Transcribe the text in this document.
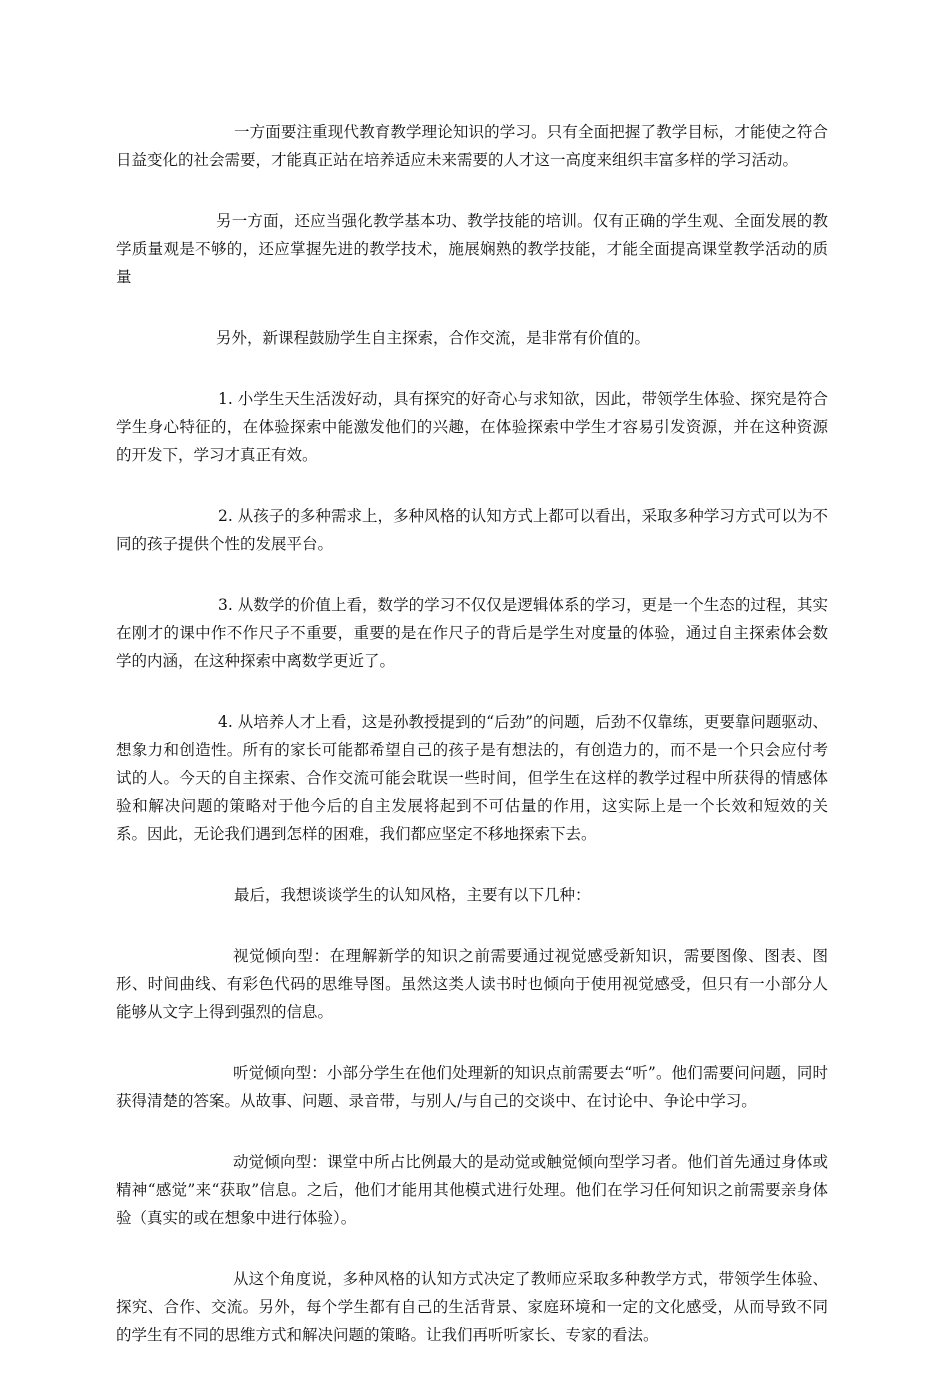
一方面要注重现代教育教学理论知识的学习。只有全面把握了教学目标，才能使之符合日益变化的社会需要，才能真正站在培养适应未来需要的人才这一高度来组织丰富多样的学习活动。

另一方面，还应当强化教学基本功、教学技能的培训。仅有正确的学生观、全面发展的教学质量观是不够的，还应掌握先进的教学技术，施展娴熟的教学技能，才能全面提高课堂教学活动的质量

另外，新课程鼓励学生自主探索，合作交流，是非常有价值的。

1. 小学生天生活泼好动，具有探究的好奇心与求知欲，因此，带领学生体验、探究是符合学生身心特征的，在体验探索中能激发他们的兴趣，在体验探索中学生才容易引发资源，并在这种资源的开发下，学习才真正有效。

2. 从孩子的多种需求上，多种风格的认知方式上都可以看出，采取多种学习方式可以为不同的孩子提供个性的发展平台。

3. 从数学的价值上看，数学的学习不仅仅是逻辑体系的学习，更是一个生态的过程，其实在刚才的课中作不作尺子不重要，重要的是在作尺子的背后是学生对度量的体验，通过自主探索体会数学的内涵，在这种探索中离数学更近了。

4. 从培养人才上看，这是孙教授提到的“后劲”的问题，后劲不仅靠练，更要靠问题驱动、想象力和创造性。所有的家长可能都希望自己的孩子是有想法的，有创造力的，而不是一个只会应付考试的人。今天的自主探索、合作交流可能会耽误一些时间，但学生在这样的教学过程中所获得的情感体验和解决问题的策略对于他今后的自主发展将起到不可估量的作用，这实际上是一个长效和短效的关系。因此，无论我们遇到怎样的困难，我们都应坚定不移地探索下去。

最后，我想谈谈学生的认知风格，主要有以下几种：

视觉倾向型：在理解新学的知识之前需要通过视觉感受新知识，需要图像、图表、图形、时间曲线、有彩色代码的思维导图。虽然这类人读书时也倾向于使用视觉感受，但只有一小部分人能够从文字上得到强烈的信息。

听觉倾向型：小部分学生在他们处理新的知识点前需要去“听”。他们需要问问题，同时获得清楚的答案。从故事、问题、录音带，与别人/与自己的交谈中、在讨论中、争论中学习。

动觉倾向型：课堂中所占比例最大的是动觉或触觉倾向型学习者。他们首先通过身体或精神“感觉”来“获取”信息。之后，他们才能用其他模式进行处理。他们在学习任何知识之前需要亲身体验（真实的或在想象中进行体验）。

从这个角度说，多种风格的认知方式决定了教师应采取多种教学方式，带领学生体验、探究、合作、交流。另外，每个学生都有自己的生活背景、家庭环境和一定的文化感受，从而导致不同的学生有不同的思维方式和解决问题的策略。让我们再听听家长、专家的看法。
